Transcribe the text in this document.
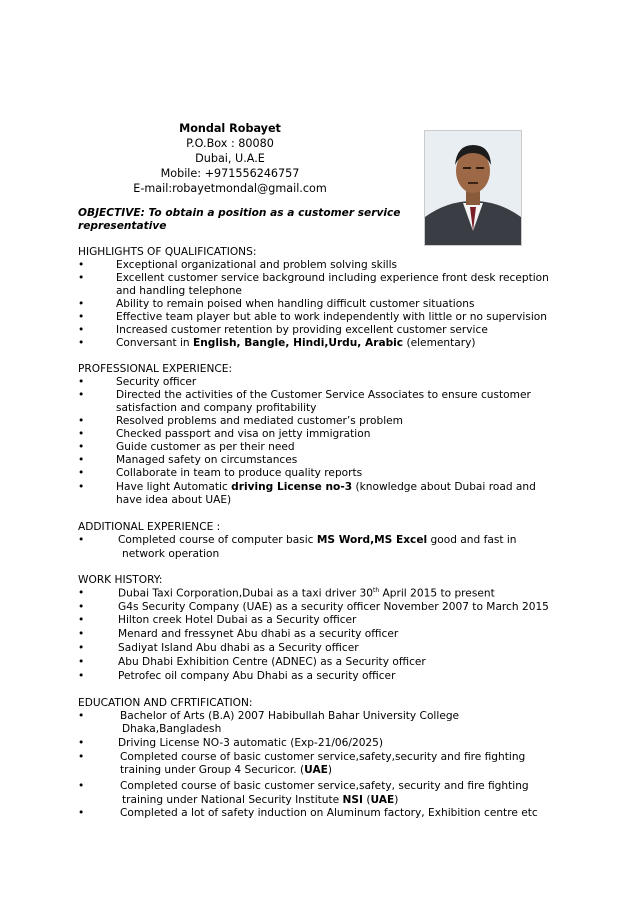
Mondal Robayet
P.O.Box : 80080
Dubai, U.A.E
Mobile: +971556246757
E-mail:robayetmondal@gmail.com
OBJECTIVE: To obtain a position as a customer service
representative
HIGHLIGHTS OF QUALIFICATIONS:
•	Exceptional organizational and problem solving skills
•	Excellent customer service background including experience front desk reception
and handling telephone
•	Ability to remain poised when handling difficult customer situations
•	Effective team player but able to work independently with little or no supervision
•	Increased customer retention by providing excellent customer service
•	Conversant in English, Bangle, Hindi,Urdu, Arabic (elementary)
PROFESSIONAL EXPERIENCE:
•	Security officer
•	Directed the activities of the Customer Service Associates to ensure customer
satisfaction and company profitability
•	Resolved problems and mediated customer’s problem
•	Checked passport and visa on jetty immigration
•	Guide customer as per their need
•	Managed safety on circumstances
•	Collaborate in team to produce quality reports
•	Have light Automatic driving License no-3 (knowledge about Dubai road and
have idea about UAE)
ADDITIONAL EXPERIENCE :
•	Completed course of computer basic MS Word,MS Excel good and fast in
network operation
WORK HISTORY:
•	Dubai Taxi Corporation,Dubai as a taxi driver 30th April 2015 to present
•	G4s Security Company (UAE) as a security officer November 2007 to March 2015
•	Hilton creek Hotel Dubai as a Security officer
•	Menard and fressynet Abu dhabi as a security officer
•	Sadiyat Island Abu dhabi as a Security officer
•	Abu Dhabi Exhibition Centre (ADNEC) as a Security officer
•	Petrofec oil company Abu Dhabi as a security officer
EDUCATION AND CFRTIFICATION:
•	Bachelor of Arts (B.A) 2007 Habibullah Bahar University College
Dhaka,Bangladesh
•	Driving License NO-3 automatic (Exp-21/06/2025)
•	Completed course of basic customer service,safety,security and fire fighting
training under Group 4 Securicor. (UAE)
•	Completed course of basic customer service,safety, security and fire fighting
training under National Security Institute NSI (UAE)
•	Completed a lot of safety induction on Aluminum factory, Exhibition centre etc
